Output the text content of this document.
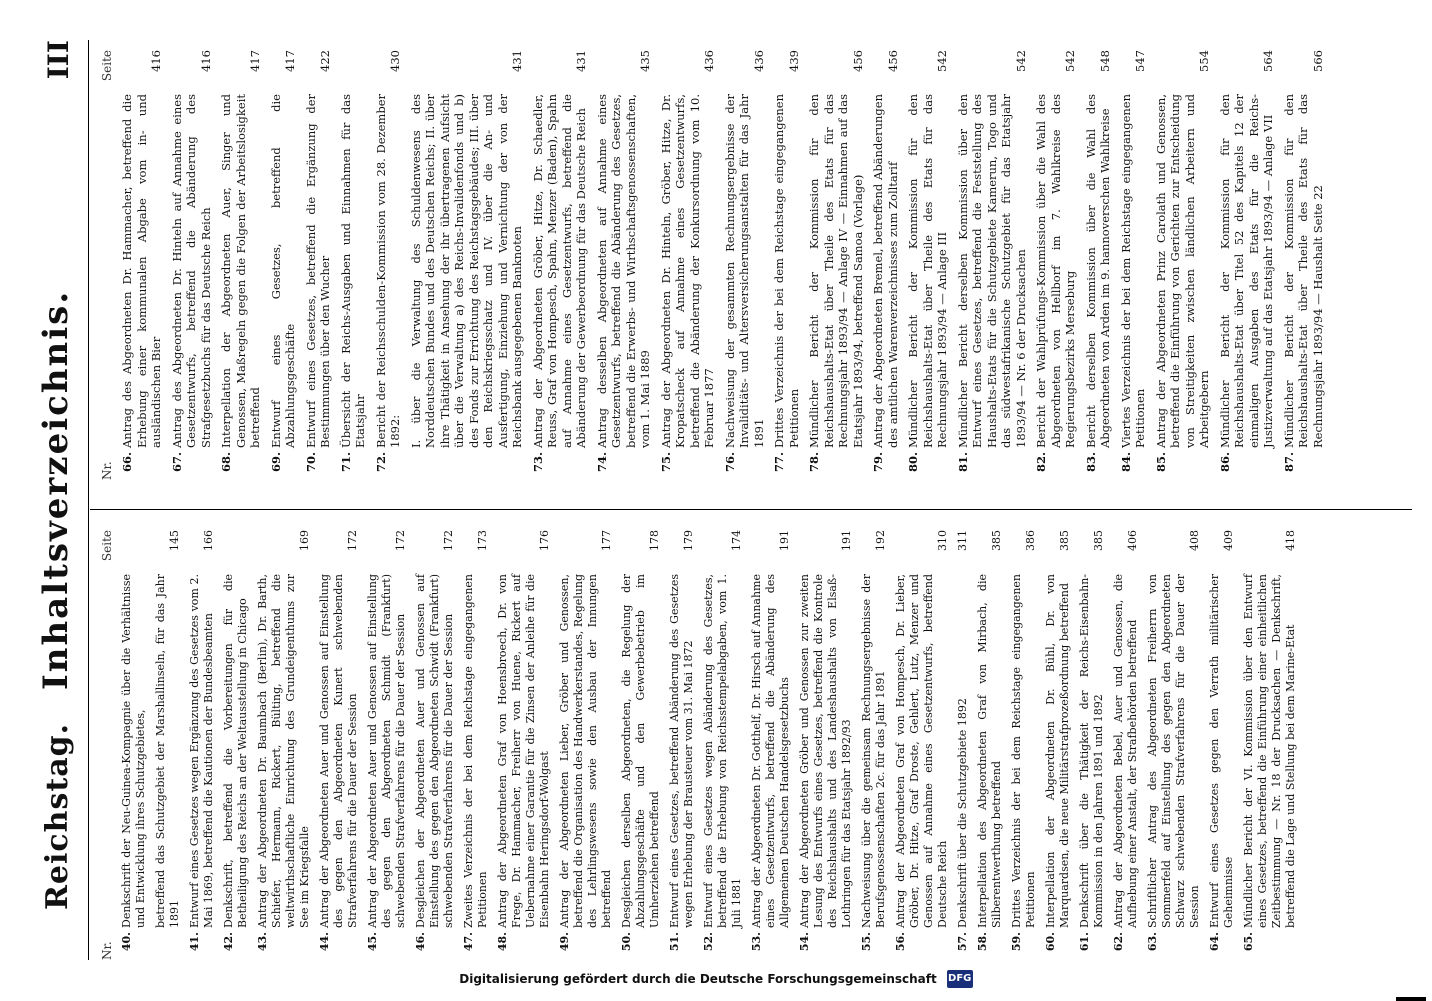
Reichstag.
Inhaltsverzeichnis.
III
Nr.
Seite
40.
Denkschrift der Neu-Guinea-Kompagnie über die Verhältnisse und Entwicklung ihres Schutzgebietes, betreffend das Schutzgebiet der Marshallinseln, für das Jahr 1891
145
41.
Entwurf eines Gesetzes wegen Ergänzung des Gesetzes vom 2. Mai 1869, betreffend die Kautionen der Bundesbeamten
166
42.
Denkschrift, betreffend die Vorbereitungen für die Betheiligung des Reichs an der Weltausstellung in Chicago
43.
Antrag der Abgeordneten Dr. Baumbach (Berlin), Dr. Barth, Schiefer, Hermann, Rickert, Bülting, betreffend die weltwirthschaftliche Einrichtung des Grundeigenthums zur See im Kriegsfalle
169
44.
Antrag der Abgeordneten Auer und Genossen auf Einstellung des gegen den Abgeordneten Kunert schwebenden Strafverfahrens für die Dauer der Session
172
45.
Antrag der Abgeordneten Auer und Genossen auf Einstellung des gegen den Abgeordneten Schmidt (Frankfurt) schwebenden Strafverfahrens für die Dauer der Session
172
46.
Desgleichen der Abgeordneten Auer und Genossen auf Einstellung des gegen den Abgeordneten Schwidt (Frankfurt) schwebenden Strafverfahrens für die Dauer der Session
172
47.
Zweites Verzeichnis der bei dem Reichstage eingegangenen Petitionen
173
48.
Antrag der Abgeordneten Graf von Hoensbroech, Dr. von Frege, Dr. Hammacher, Freiherr von Huene, Rickert auf Uebernahme einer Garantie für die Zinsen der Anleihe für die Eisenbahn Heringsdorf-Wolgast
176
49.
Antrag der Abgeordneten Lieber, Gröber und Genossen, betreffend die Organisation des Handwerkerstandes, Regelung des Lehrlingswesens sowie den Ausbau der Innungen betreffend
177
50.
Desgleichen derselben Abgeordneten, die Regelung der Abzahlungsgeschäfte und den Gewerbebetrieb im Umherziehen betreffend
178
51.
Entwurf eines Gesetzes, betreffend Abänderung des Gesetzes wegen Erhebung der Brausteuer vom 31. Mai 1872
179
52.
Entwurf eines Gesetzes wegen Abänderung des Gesetzes, betreffend die Erhebung von Reichsstempelabgaben, vom 1. Juli 1881
174
53.
Antrag der Abgeordneten Dr. Gotthelf, Dr. Hirsch auf Annahme eines Gesetzentwurfs, betreffend die Abänderung des Allgemeinen Deutschen Handelsgesetzbuchs
191
54.
Antrag der Abgeordneten Gröber und Genossen zur zweiten Lesung des Entwurfs eines Gesetzes, betreffend die Kontrole des Reichshaushalts und des Landeshaushalts von Elsaß-Lothringen für das Etatsjahr 1892/93
191
55.
Nachweisung über die gemeinsam Rechnungsergebnisse der Berufsgenossenschaften 2c. für das Jahr 1891
192
56.
Antrag der Abgeordneten Graf von Hompesch, Dr. Lieber, Gröber, Dr. Hitze, Graf Droste, Gehlert, Lutz, Menzer und Genossen auf Annahme eines Gesetzentwurfs, betreffend Deutsche Reich
310
57.
Denkschrift über die Schutzgebiete 1892
311
58.
Interpellation des Abgeordneten Graf von Mirbach, die Silberentwerthung betreffend
385
59.
Drittes Verzeichnis der bei dem Reichstage eingegangenen Petitionen
386
60.
Interpellation der Abgeordneten Dr. Bühl, Dr. von Marquardsen, die neue Militärstrafprozeßordnung betreffend
385
61.
Denkschrift über die Thätigkeit der Reichs-Eisenbahn-Kommission in den Jahren 1891 und 1892
385
62.
Antrag der Abgeordneten Bebel, Auer und Genossen, die Aufhebung einer Anstalt, der Strafbehörden betreffend
406
63.
Schriftlicher Antrag des Abgeordneten Freiherrn von Sommerfeld auf Einstellung des gegen den Abgeordneten Schwarz schwebenden Strafverfahrens für die Dauer der Session
408
64.
Entwurf eines Gesetzes gegen den Verrath militärischer Geheimnisse
409
65.
Mündlicher Bericht der VI. Kommission über den Entwurf eines Gesetzes, betreffend die Einführung einer einheitlichen Zeitbestimmung — Nr. 18 der Drucksachen — Denkschrift, betreffend die Lage und Stellung bei dem Marine-Etat
418
Nr.
Seite
66.
Antrag des Abgeordneten Dr. Hammacher, betreffend die Erhebung einer kommunalen Abgabe vom in- und ausländischen Bier
416
67.
Antrag des Abgeordneten Dr. Hinteln auf Annahme eines Gesetzentwurfs, betreffend die Abänderung des Strafgesetzbuchs für das Deutsche Reich
416
68.
Interpellation der Abgeordneten Auer, Singer und Genossen, Maßregeln gegen die Folgen der Arbeitslosigkeit betreffend
417
69.
Entwurf eines Gesetzes, betreffend die Abzahlungsgeschäfte
417
70.
Entwurf eines Gesetzes, betreffend die Ergänzung der Bestimmungen über den Wucher
422
71.
Übersicht der Reichs-Ausgaben und Einnahmen für das Etatsjahr
72.
Bericht der Reichsschulden-Kommission vom 28. Dezember 1892:
430
I. über die Verwaltung des Schuldenwesens des Norddeutschen Bundes und des Deutschen Reichs; II. über ihre Thätigkeit in Ansehung der ihr übertragenen Aufsicht über die Verwaltung a) des Reichs-Invalidenfonds und b) des Fonds zur Errichtung des Reichstagsgebäudes; III. über den Reichskriegsschatz und IV. über die An- und Ausfertigung, Einziehung und Vernichtung der von der Reichsbank ausgegebenen Banknoten
431
73.
Antrag der Abgeordneten Gröber, Hitze, Dr. Schaedler, Reuss, Graf von Hompesch, Spahn, Menzer (Baden), Spahn auf Annahme eines Gesetzentwurfs, betreffend die Abänderung der Gewerbeordnung für das Deutsche Reich
431
74.
Antrag desselben Abgeordneten auf Annahme eines Gesetzentwurfs, betreffend die Abänderung des Gesetzes, betreffend die Erwerbs- und Wirthschaftsgenossenschaften, vom 1. Mai 1889
435
75.
Antrag der Abgeordneten Dr. Hinteln, Gröber, Hitze, Dr. Kropatscheck auf Annahme eines Gesetzentwurfs, betreffend die Abänderung der Konkursordnung vom 10. Februar 1877
436
76.
Nachweisung der gesammten Rechnungsergebnisse der Invaliditäts- und Altersversicherungsanstalten für das Jahr 1891
436
77.
Drittes Verzeichnis der bei dem Reichstage eingegangenen Petitionen
439
78.
Mündlicher Bericht der Kommission für den Reichshaushalts-Etat über Theile des Etats für das Rechnungsjahr 1893/94 — Anlage IV — Einnahmen auf das Etatsjahr 1893/94, betreffend Samoa (Vorlage)
456
79.
Antrag der Abgeordneten Bremel, betreffend Abänderungen des amtlichen Warenverzeichnisses zum Zolltarif
456
80.
Mündlicher Bericht der Kommission für den Reichshaushalts-Etat über Theile des Etats für das Rechnungsjahr 1893/94 — Anlage III
542
81.
Mündlicher Bericht derselben Kommission über den Entwurf eines Gesetzes, betreffend die Feststellung des Haushalts-Etats für die Schutzgebiete Kamerun, Togo und das südwestafrikanische Schutzgebiet für das Etatsjahr 1893/94 — Nr. 6 der Drucksachen
542
82.
Bericht der Wahlprüfungs-Kommission über die Wahl des Abgeordneten von Hellborf im 7. Wahlkreise des Regierungsbezirks Merseburg
542
83.
Bericht derselben Kommission über die Wahl des Abgeordneten von Arden im 9. hannoverschen Wahlkreise
548
84.
Viertes Verzeichnis der bei dem Reichstage eingegangenen Petitionen
547
85.
Antrag der Abgeordneten Prinz Carolath und Genossen, betreffend die Einführung von Gerichten zur Entscheidung von Streitigkeiten zwischen ländlichen Arbeitern und Arbeitgebern
554
86.
Mündlicher Bericht der Kommission für den Reichshaushalts-Etat über Titel 52 des Kapitels 12 der einmaligen Ausgaben des Etats für die Reichs-Justizverwaltung auf das Etatsjahr 1893/94 — Anlage VII
564
87.
Mündlicher Bericht der Kommission für den Reichshaushalts-Etat über Theile des Etats für das Rechnungsjahr 1893/94 — Haushalt Seite 22
566
Digitalisierung gefördert durch die Deutsche Forschungsgemeinschaft DFG
